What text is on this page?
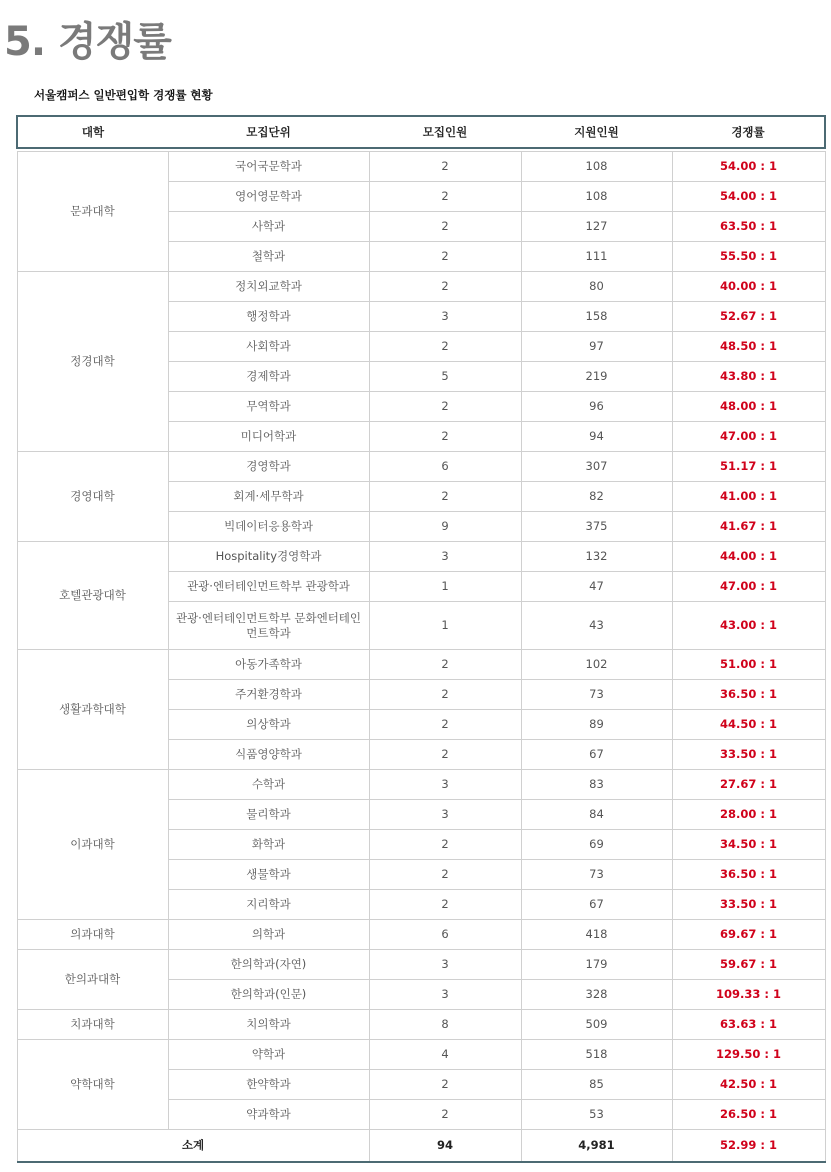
5. 경쟁률
서울캠퍼스 일반편입학 경쟁률 현황
대학	모집단위	모집인원	지원인원	경쟁률

문과대학	국어국문학과	2	108	54.00 : 1
	영어영문학과	2	108	54.00 : 1
	사학과	2	127	63.50 : 1
	철학과	2	111	55.50 : 1
정경대학	정치외교학과	2	80	40.00 : 1
	행정학과	3	158	52.67 : 1
	사회학과	2	97	48.50 : 1
	경제학과	5	219	43.80 : 1
	무역학과	2	96	48.00 : 1
	미디어학과	2	94	47.00 : 1
경영대학	경영학과	6	307	51.17 : 1
	회계·세무학과	2	82	41.00 : 1
	빅데이터응용학과	9	375	41.67 : 1
호텔관광대학	Hospitality경영학과	3	132	44.00 : 1
	관광·엔터테인먼트학부 관광학과	1	47	47.00 : 1
	관광·엔터테인먼트학부 문화엔터테인먼트학과	1	43	43.00 : 1
생활과학대학	아동가족학과	2	102	51.00 : 1
	주거환경학과	2	73	36.50 : 1
	의상학과	2	89	44.50 : 1
	식품영양학과	2	67	33.50 : 1
이과대학	수학과	3	83	27.67 : 1
	물리학과	3	84	28.00 : 1
	화학과	2	69	34.50 : 1
	생물학과	2	73	36.50 : 1
	지리학과	2	67	33.50 : 1
의과대학	의학과	6	418	69.67 : 1
한의과대학	한의학과(자연)	3	179	59.67 : 1
	한의학과(인문)	3	328	109.33 : 1
치과대학	치의학과	8	509	63.63 : 1
약학대학	약학과	4	518	129.50 : 1
	한약학과	2	85	42.50 : 1
	약과학과	2	53	26.50 : 1
소계		94	4,981	52.99 : 1
